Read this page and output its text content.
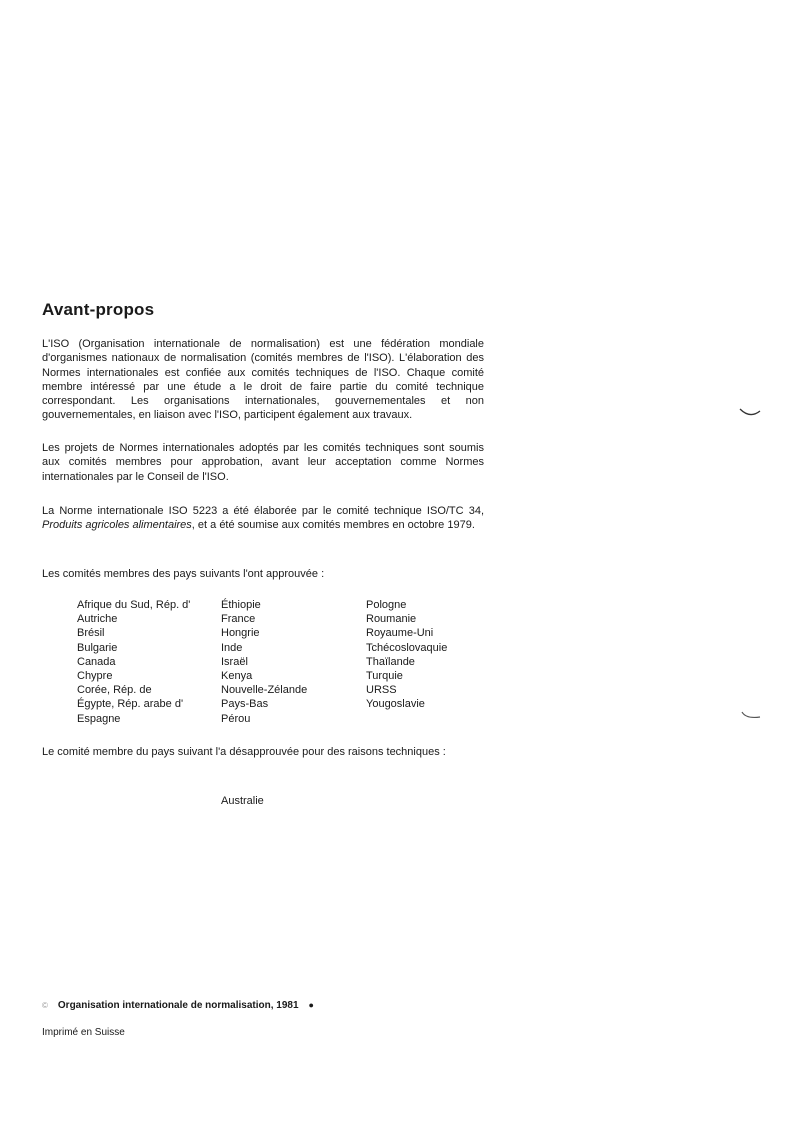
Avant-propos

L'ISO (Organisation internationale de normalisation) est une fédération mondiale d'organismes nationaux de normalisation (comités membres de l'ISO). L'élaboration des Normes internationales est confiée aux comités techniques de l'ISO. Chaque comité membre intéressé par une étude a le droit de faire partie du comité technique correspondant. Les organisations internationales, gouvernementales et non gouvernementales, en liaison avec l'ISO, participent également aux travaux.

Les projets de Normes internationales adoptés par les comités techniques sont soumis aux comités membres pour approbation, avant leur acceptation comme Normes internationales par le Conseil de l'ISO.

La Norme internationale ISO 5223 a été élaborée par le comité technique ISO/TC 34, Produits agricoles alimentaires, et a été soumise aux comités membres en octobre 1979.

Les comités membres des pays suivants l'ont approuvée :

Afrique du Sud, Rép. d'
Autriche
Brésil
Bulgarie
Canada
Chypre
Corée, Rép. de
Égypte, Rép. arabe d'
Espagne
Éthiopie
France
Hongrie
Inde
Israël
Kenya
Nouvelle-Zélande
Pays-Bas
Pérou
Pologne
Roumanie
Royaume-Uni
Tchécoslovaquie
Thaïlande
Turquie
URSS
Yougoslavie

Le comité membre du pays suivant l'a désapprouvée pour des raisons techniques :

Australie
© Organisation internationale de normalisation, 1981 ●
Imprimé en Suisse
